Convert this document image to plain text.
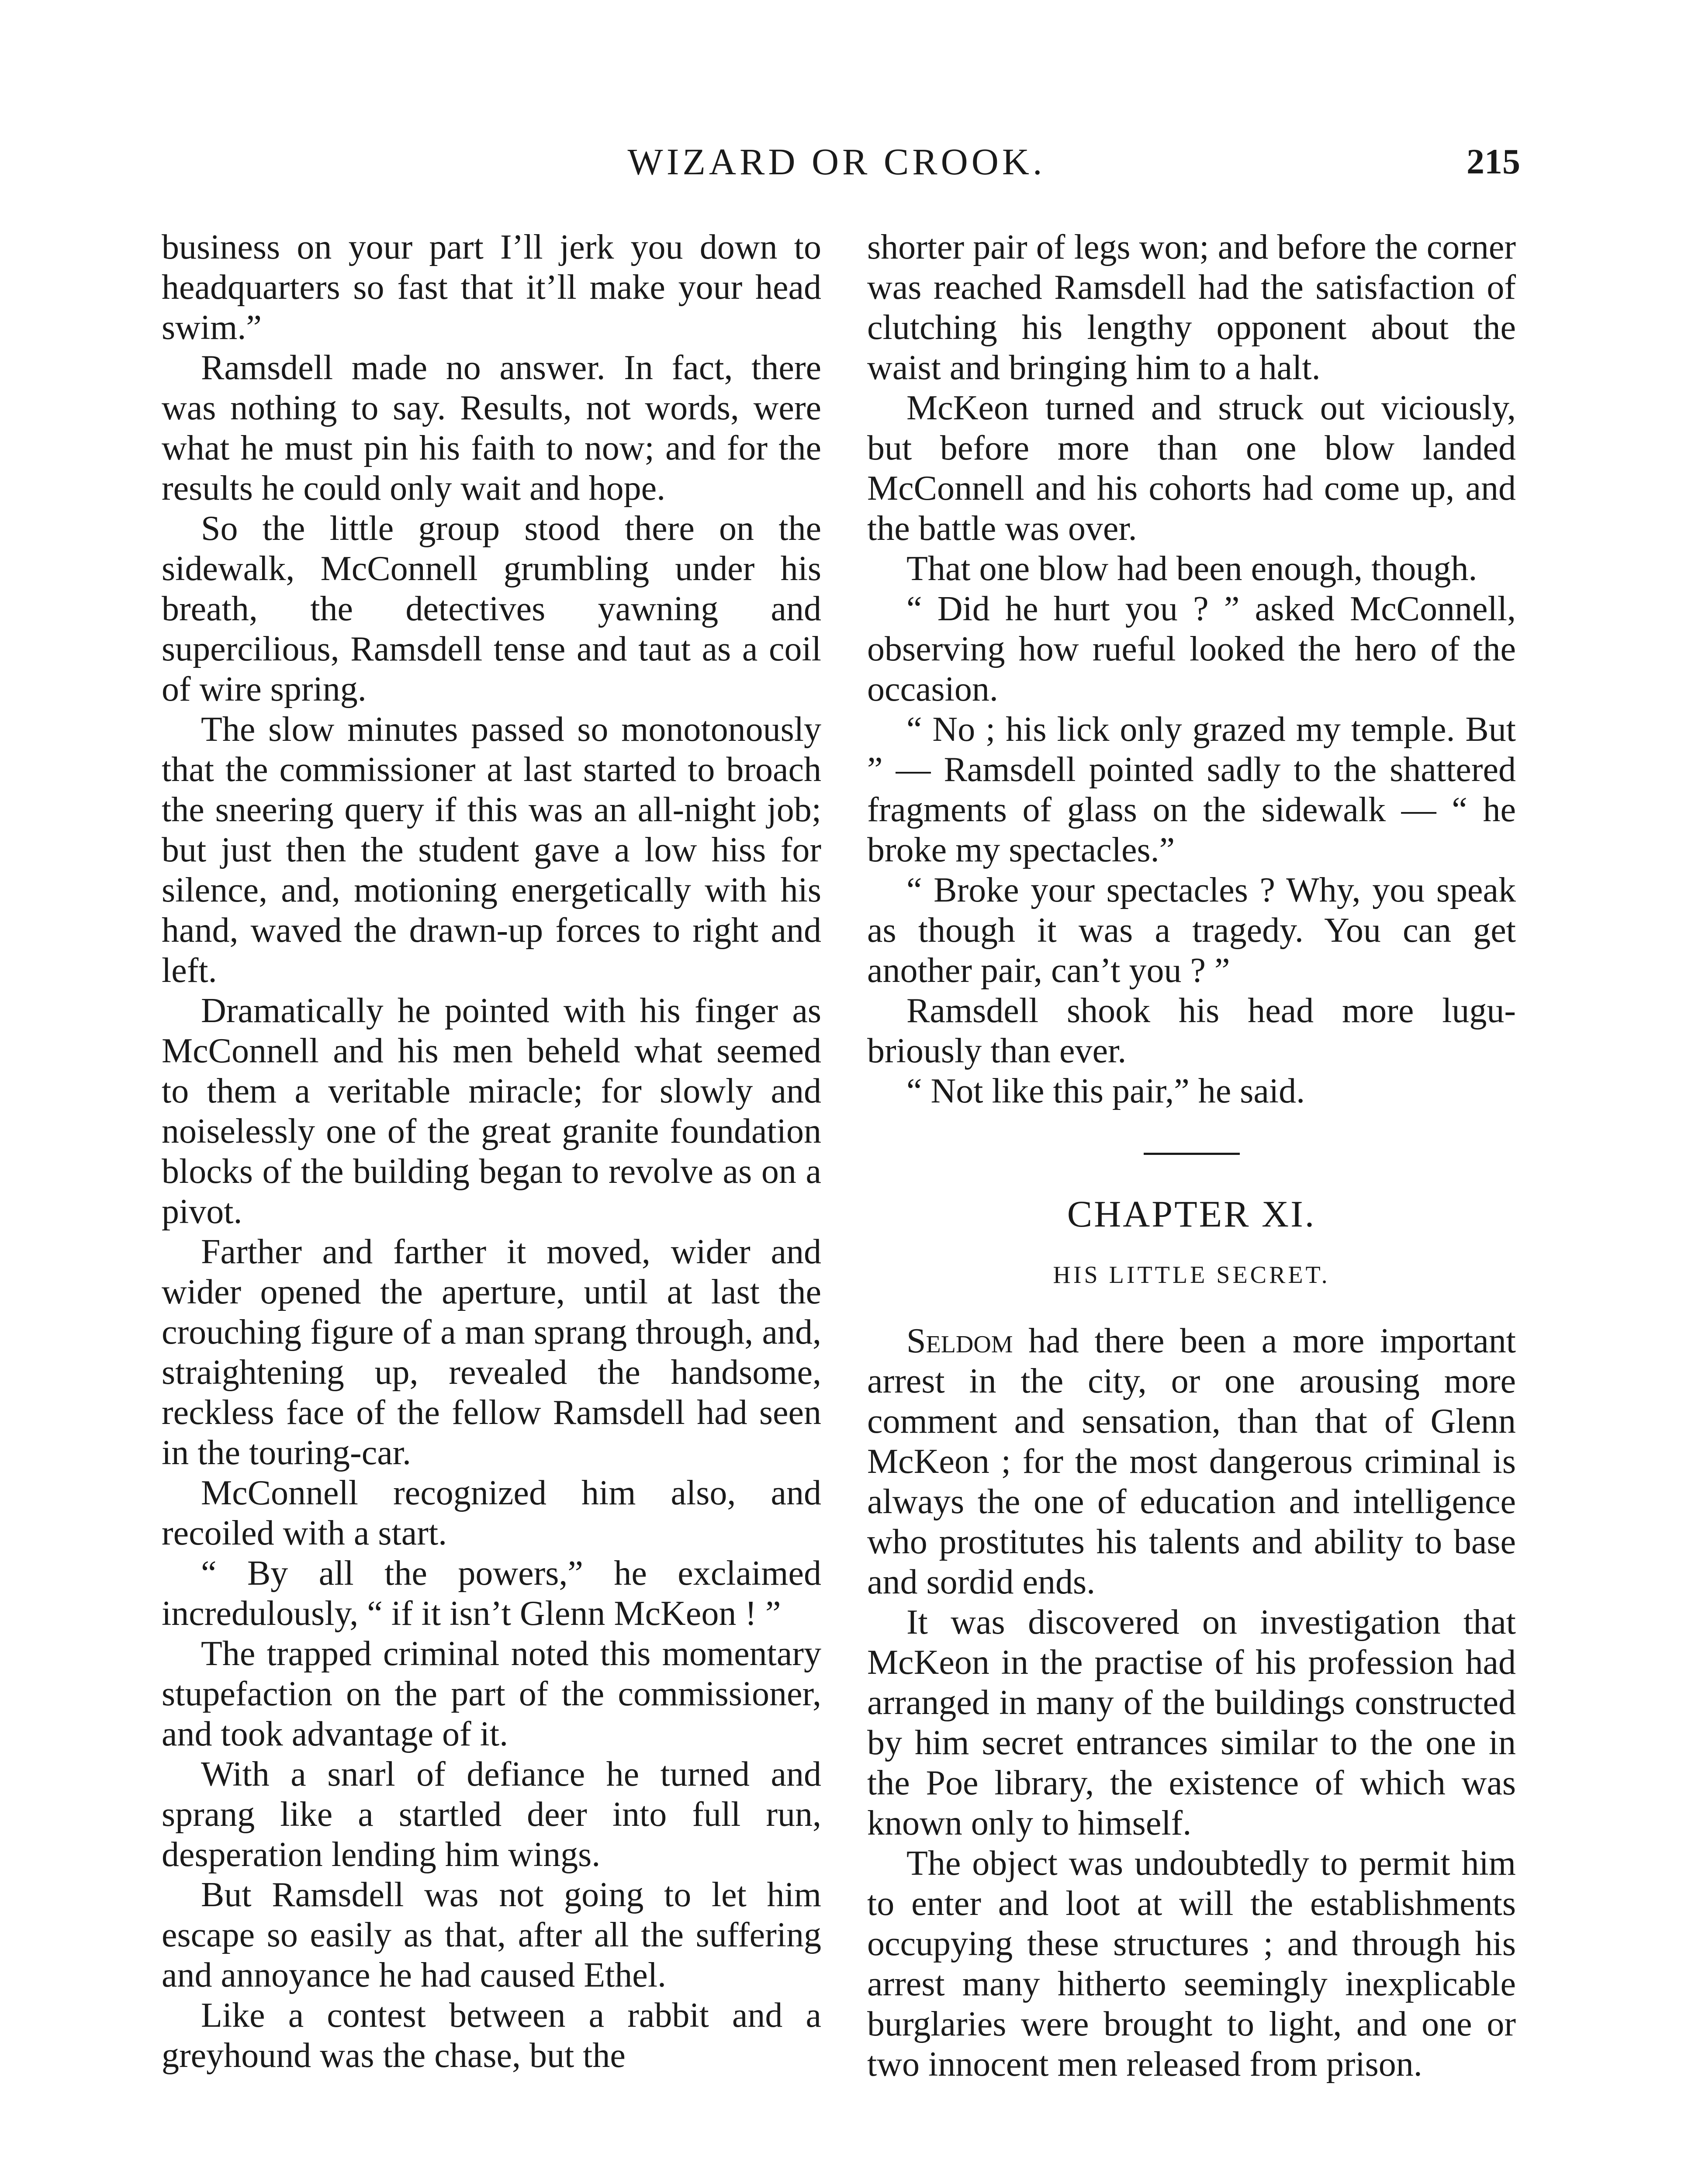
WIZARD OR CROOK.	215

business on your part I’ll jerk you down to headquarters so fast that it’ll make your head swim.”

Ramsdell made no answer. In fact, there was nothing to say. Results, not words, were what he must pin his faith to now; and for the results he could only wait and hope.

So the little group stood there on the sidewalk, McConnell grumbling under his breath, the detectives yawning and supercilious, Ramsdell tense and taut as a coil of wire spring.

The slow minutes passed so monotonously that the commissioner at last started to broach the sneering query if this was an all-night job; but just then the student gave a low hiss for silence, and, motioning energetically with his hand, waved the drawn-up forces to right and left.

Dramatically he pointed with his finger as McConnell and his men beheld what seemed to them a veritable miracle; for slowly and noiselessly one of the great granite foundation blocks of the building began to revolve as on a pivot.

Farther and farther it moved, wider and wider opened the aperture, until at last the crouching figure of a man sprang through, and, straightening up, revealed the handsome, reckless face of the fellow Ramsdell had seen in the touring-car.

McConnell recognized him also, and recoiled with a start.

“ By all the powers,” he exclaimed incredulously, “ if it isn’t Glenn McKeon ! ”

The trapped criminal noted this momentary stupefaction on the part of the commissioner, and took advantage of it.

With a snarl of defiance he turned and sprang like a startled deer into full run, desperation lending him wings.

But Ramsdell was not going to let him escape so easily as that, after all the suffering and annoyance he had caused Ethel.

Like a contest between a rabbit and a greyhound was the chase, but the

shorter pair of legs won; and before the corner was reached Ramsdell had the satisfaction of clutching his lengthy opponent about the waist and bringing him to a halt.

McKeon turned and struck out viciously, but before more than one blow landed McConnell and his cohorts had come up, and the battle was over.

That one blow had been enough, though.

“ Did he hurt you ? ” asked McConnell, observing how rueful looked the hero of the occasion.

“ No ; his lick only grazed my temple. But ” — Ramsdell pointed sadly to the shattered fragments of glass on the sidewalk — “ he broke my spectacles.”

“ Broke your spectacles ? Why, you speak as though it was a tragedy. You can get another pair, can’t you ? ”

Ramsdell shook his head more lugubriously than ever.

“ Not like this pair,” he said.

CHAPTER XI.
HIS LITTLE SECRET.

Seldom had there been a more important arrest in the city, or one arousing more comment and sensation, than that of Glenn McKeon ; for the most dangerous criminal is always the one of education and intelligence who prostitutes his talents and ability to base and sordid ends.

It was discovered on investigation that McKeon in the practise of his profession had arranged in many of the buildings constructed by him secret entrances similar to the one in the Poe library, the existence of which was known only to himself.

The object was undoubtedly to permit him to enter and loot at will the establishments occupying these structures ; and through his arrest many hitherto seemingly inexplicable burglaries were brought to light, and one or two innocent men released from prison.
